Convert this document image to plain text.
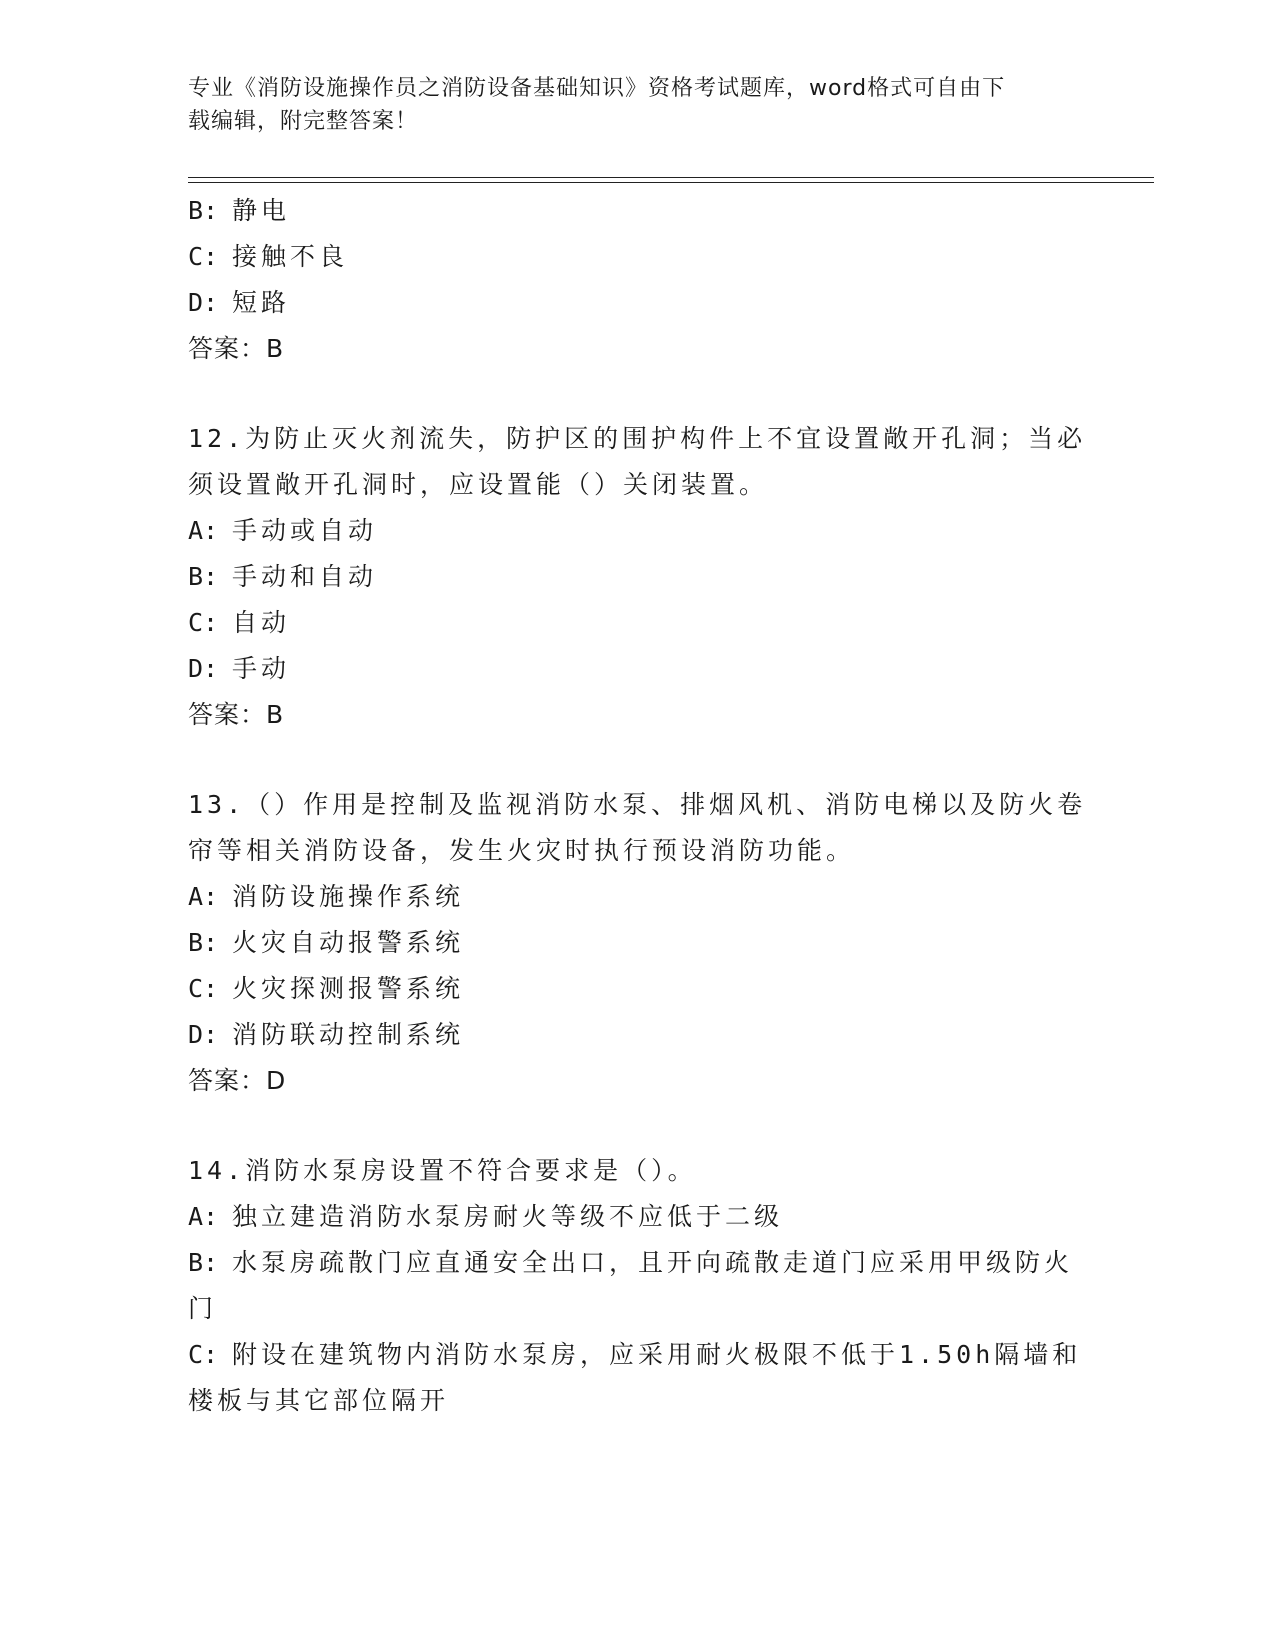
专业《消防设施操作员之消防设备基础知识》资格考试题库，word格式可自由下
载编辑，附完整答案！
B: 静电
C: 接触不良
D: 短路
答案：B
12.为防止灭火剂流失，防护区的围护构件上不宜设置敞开孔洞；当必
须设置敞开孔洞时，应设置能（）关闭装置。
A: 手动或自动
B: 手动和自动
C: 自动
D: 手动
答案：B
13.（）作用是控制及监视消防水泵、排烟风机、消防电梯以及防火卷
帘等相关消防设备，发生火灾时执行预设消防功能。
A: 消防设施操作系统
B: 火灾自动报警系统
C: 火灾探测报警系统
D: 消防联动控制系统
答案：D
14.消防水泵房设置不符合要求是（）。
A: 独立建造消防水泵房耐火等级不应低于二级
B: 水泵房疏散门应直通安全出口，且开向疏散走道门应采用甲级防火
门
C: 附设在建筑物内消防水泵房，应采用耐火极限不低于1.50h隔墙和
楼板与其它部位隔开
